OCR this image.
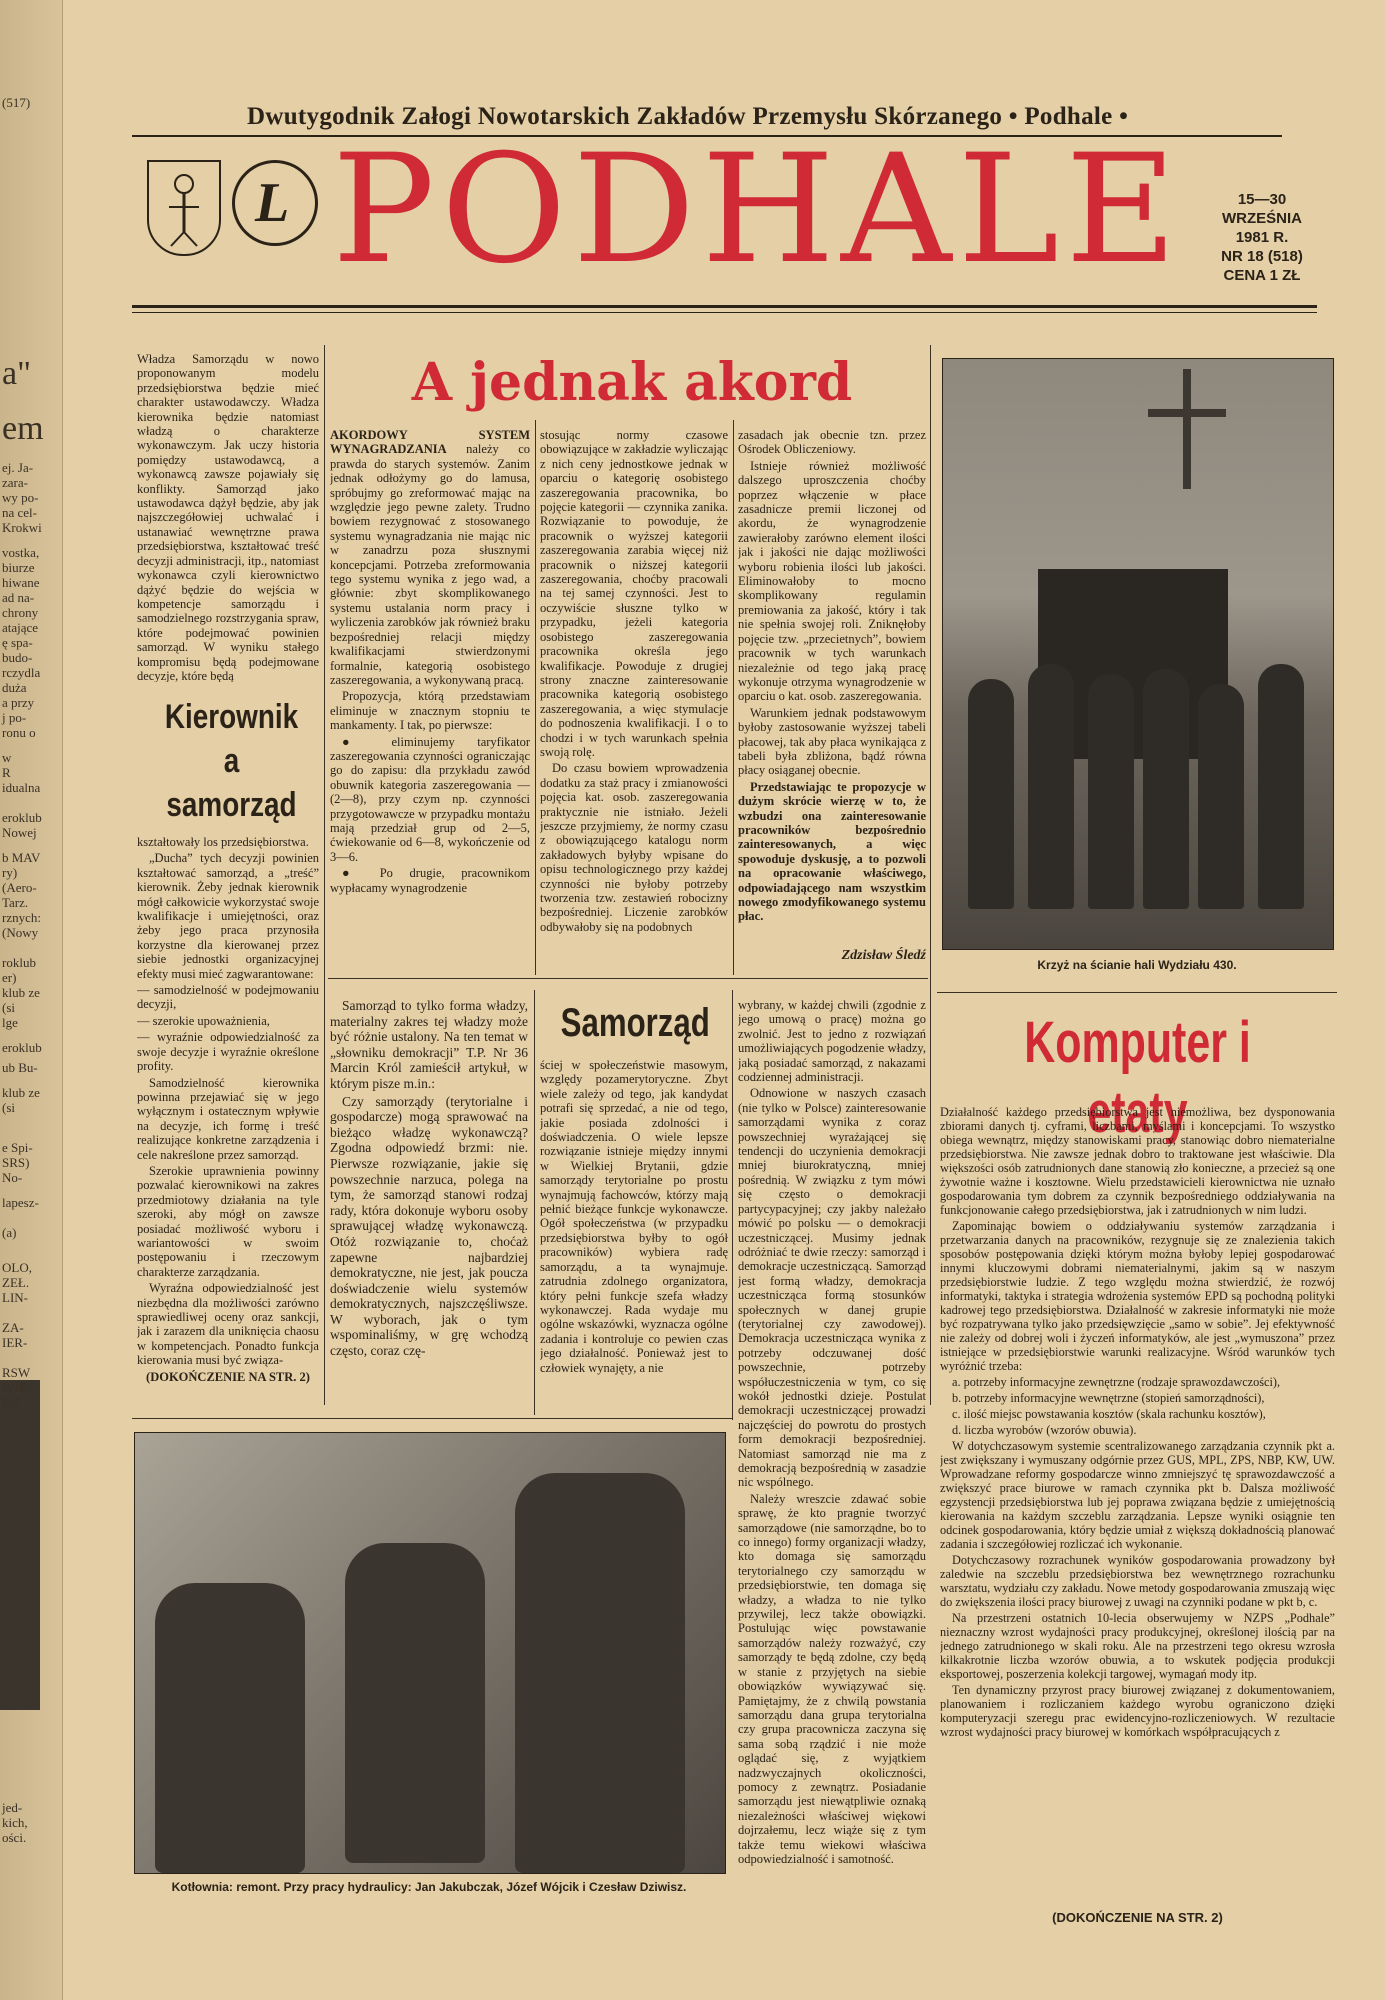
(517)
a"
em
ej. Ja-
zara-
wy po-
na cel-
Krokwi
vostka,
biurze
hiwane
ad na-
chrony
atające
ę spa-
budo-
rczydla
duża
a przy
j po-
ronu o
w
R
idualna
eroklub
Nowej
b MAV
ry)
(Aero-
Tarz.
rznych:
(Nowy
roklub
er)
klub ze
(si
lge
eroklub
ub Bu-
klub ze
(si
e Spi-
SRS)
No-
lapesz-
(a)
OLO,
ZEŁ.
LIN-
ZA-
IER-
RSW
WIE-
F-7
jed-
kich,
ości.
Dwutygodnik Załogi Nowotarskich Zakładów Przemysłu Skórzanego • Podhale •
L PODHALE	15—30 WRZEŚNIA
1981 R.
NR 18 (518)
CENA 1 ZŁ

Władza Samorządu w nowo proponowanym modelu przedsiębiorstwa będzie mieć charakter ustawodawczy. Władza kierownika będzie natomiast władzą o charakterze wykonawczym. Jak uczy historia pomiędzy ustawodawcą, a wykonawcą zawsze pojawiały się konflikty. Samorząd jako ustawodawca dążył będzie, aby jak najszczegółowiej uchwalać i ustanawiać wewnętrzne prawa przedsiębiorstwa, kształtować treść decyzji administracji, itp., natomiast wykonawca czyli kierownictwo dążyć będzie do wejścia w kompetencje samorządu i samodzielnego rozstrzygania spraw, które podejmować powinien samorząd. W wyniku stałego kompromisu będą podejmowane decyzje, które będą

Kierownik
a samorząd

kształtowały los przedsiębiorstwa.

„Ducha” tych decyzji powinien kształtować samorząd, a „treść” kierownik. Żeby jednak kierownik mógł całkowicie wykorzystać swoje kwalifikacje i umiejętności, oraz żeby jego praca przynosiła korzystne dla kierowanej przez siebie jednostki organizacyjnej efekty musi mieć zagwarantowane:

— samodzielność w podejmowaniu decyzji,

— szerokie upoważnienia,

— wyraźnie odpowiedzialność za swoje decyzje i wyraźnie określone profity.

Samodzielność kierownika powinna przejawiać się w jego wyłącznym i ostatecznym wpływie na decyzje, ich formę i treść realizujące konkretne zarządzenia i cele nakreślone przez samorząd.

Szerokie uprawnienia powinny pozwalać kierownikowi na zakres przedmiotowy działania na tyle szeroki, aby mógł on zawsze posiadać możliwość wyboru i wariantowości w swoim postępowaniu i rzeczowym charakterze zarządzania.

Wyraźna odpowiedzialność jest niezbędna dla możliwości zarówno sprawiedliwej oceny oraz sankcji, jak i zarazem dla uniknięcia chaosu w kompetencjach. Ponadto funkcja kierowania musi być związa-

(DOKOŃCZENIE NA STR. 2)

A jednak akord

AKORDOWY SYSTEM WYNAGRADZANIA należy co prawda do starych systemów. Zanim jednak odłożymy go do lamusa, spróbujmy go zreformować mając na względzie jego pewne zalety. Trudno bowiem rezygnować z stosowanego systemu wynagradzania nie mając nic w zanadrzu poza słusznymi koncepcjami. Potrzeba zreformowania tego systemu wynika z jego wad, a głównie: zbyt skomplikowanego systemu ustalania norm pracy i wyliczenia zarobków jak również braku bezpośredniej relacji między kwalifikacjami stwierdzonymi formalnie, kategorią osobistego zaszeregowania, a wykonywaną pracą.

Propozycja, którą przedstawiam eliminuje w znacznym stopniu te mankamenty. I tak, po pierwsze:

● eliminujemy taryfikator zaszeregowania czynności ograniczając go do zapisu: dla przykładu zawód obuwnik kategoria zaszeregowania — (2—8), przy czym np. czynności przygotowawcze w przypadku montażu mają przedział grup od 2—5, ćwiekowanie od 6—8, wykończenie od 3—6.

● Po drugie, pracownikom wypłacamy wynagrodzenie

stosując normy czasowe obowiązujące w zakładzie wyliczając z nich ceny jednostkowe jednak w oparciu o kategorię osobistego zaszeregowania pracownika, bo pojęcie kategorii — czynnika zanika. Rozwiązanie to powoduje, że pracownik o wyższej kategorii zaszeregowania zarabia więcej niż pracownik o niższej kategorii zaszeregowania, choćby pracowali na tej samej czynności. Jest to oczywiście słuszne tylko w przypadku, jeżeli kategoria osobistego zaszeregowania pracownika określa jego kwalifikacje. Powoduje z drugiej strony znaczne zainteresowanie pracownika kategorią osobistego zaszeregowania, a więc stymulacje do podnoszenia kwalifikacji. I o to chodzi i w tych warunkach spełnia swoją rolę.

Do czasu bowiem wprowadzenia dodatku za staż pracy i zmianowości pojęcia kat. osob. zaszeregowania praktycznie nie istniało. Jeżeli jeszcze przyjmiemy, że normy czasu z obowiązującego katalogu norm zakładowych byłyby wpisane do opisu technologicznego przy każdej czynności nie byłoby potrzeby tworzenia tzw. zestawień robocizny bezpośredniej. Liczenie zarobków odbywałoby się na podobnych

zasadach jak obecnie tzn. przez Ośrodek Obliczeniowy.

Istnieje również możliwość dalszego uproszczenia choćby poprzez włączenie w płace zasadnicze premii liczonej od akordu, że wynagrodzenie zawierałoby zarówno element ilości jak i jakości nie dając możliwości wyboru robienia ilości lub jakości. Eliminowałoby to mocno skomplikowany regulamin premiowania za jakość, który i tak nie spełnia swojej roli. Zniknęłoby pojęcie tzw. „przecietnych”, bowiem pracownik w tych warunkach niezależnie od tego jaką pracę wykonuje otrzyma wynagrodzenie w oparciu o kat. osob. zaszeregowania.

Warunkiem jednak podstawowym byłoby zastosowanie wyższej tabeli płacowej, tak aby płaca wynikająca z tabeli była zbliżona, bądź równa płacy osiąganej obecnie.

Przedstawiając te propozycje w dużym skrócie wierzę w to, że wzbudzi ona zainteresowanie pracowników bezpośrednio zainteresowanych, a więc spowoduje dyskusję, a to pozwoli na opracowanie właściwego, odpowiadającego nam wszystkim nowego zmodyfikowanego systemu płac.

Zdzisław Śledź
Krzyż na ścianie hali Wydziału 430.

Samorząd to tylko forma władzy, materialny zakres tej władzy może być różnie ustalony. Na ten temat w „słowniku demokracji” T.P. Nr 36 Marcin Król zamieścił artykuł, w którym pisze m.in.:

Czy samorządy (terytorialne i gospodarcze) mogą sprawować na bieżąco władzę wykonawczą? Zgodna odpowiedź brzmi: nie. Pierwsze rozwiązanie, jakie się powszechnie narzuca, polega na tym, że samorząd stanowi rodzaj rady, która dokonuje wyboru osoby sprawującej władzę wykonawczą. Otóż rozwiązanie to, choćaż zapewne najbardziej demokratyczne, nie jest, jak poucza doświadczenie wielu systemów demokratycznych, najszczęśliwsze. W wyborach, jak o tym wspominaliśmy, w grę wchodzą często, coraz czę-

Samorząd

ściej w społeczeństwie masowym, względy pozamerytoryczne. Zbyt wiele zależy od tego, jak kandydat potrafi się sprzedać, a nie od tego, jakie posiada zdolności i doświadczenia. O wiele lepsze rozwiązanie istnieje między innymi w Wielkiej Brytanii, gdzie samorządy terytorialne po prostu wynajmują fachowców, którzy mają pełnić bieżące funkcje wykonawcze. Ogół społeczeństwa (w przypadku przedsiębiorstwa byłby to ogół pracowników) wybiera radę samorządu, a ta wynajmuje. zatrudnia zdolnego organizatora, który pełni funkcje szefa władzy wykonawczej. Rada wydaje mu ogólne wskazówki, wyznacza ogólne zadania i kontroluje co pewien czas jego działalność. Ponieważ jest to człowiek wynajęty, a nie

wybrany, w każdej chwili (zgodnie z jego umową o pracę) można go zwolnić. Jest to jedno z rozwiązań umożliwiających pogodzenie władzy, jaką posiadać samorząd, z nakazami codziennej administracji.

Odnowione w naszych czasach (nie tylko w Polsce) zainteresowanie samorządami wynika z coraz powszechniej wyrażającej się tendencji do uczynienia demokracji mniej biurokratyczną, mniej pośrednią. W związku z tym mówi się często o demokracji partycypacyjnej; czy jakby należało mówić po polsku — o demokracji uczestniczącej. Musimy jednak odróżniać te dwie rzeczy: samorząd i demokracje uczestniczącą. Samorząd jest formą władzy, demokracja uczestnicząca formą stosunków społecznych w danej grupie (terytorialnej czy zawodowej). Demokracja uczestnicząca wynika z potrzeby odczuwanej dość powszechnie, potrzeby współuczestniczenia w tym, co się wokół jednostki dzieje. Postulat demokracji uczestniczącej prowadzi najczęściej do powrotu do prostych form demokracji bezpośredniej. Natomiast samorząd nie ma z demokracją bezpośrednią w zasadzie nic wspólnego.

Należy wreszcie zdawać sobie sprawę, że kto pragnie tworzyć samorządowe (nie samorządne, bo to co innego) formy organizacji władzy, kto domaga się samorządu terytorialnego czy samorządu w przedsiębiorstwie, ten domaga się władzy, a władza to nie tylko przywilej, lecz także obowiązki. Postulując więc powstawanie samorządów należy rozważyć, czy samorządy te będą zdolne, czy będą w stanie z przyjętych na siebie obowiązków wywiązywać się. Pamiętajmy, że z chwilą powstania samorządu dana grupa terytorialna czy grupa pracownicza zaczyna się sama sobą rządzić i nie może oglądać się, z wyjątkiem nadzwyczajnych okoliczności, pomocy z zewnątrz. Posiadanie samorządu jest niewątpliwie oznaką niezależności właściwej więkowi dojrzałemu, lecz wiąże się z tym także temu wiekowi właściwa odpowiedzialność i samotność.

Komputer i etaty

Działalność każdego przedsiębiorstwa jest niemożliwa, bez dysponowania zbiorami danych tj. cyframi, liczbami, myślami i koncepcjami. To wszystko obiega wewnątrz, między stanowiskami pracy, stanowiąc dobro niematerialne przedsiębiorstwa. Nie zawsze jednak dobro to traktowane jest właściwie. Dla większości osób zatrudnionych dane stanowią zło konieczne, a przecież są one żywotnie ważne i kosztowne. Wielu przedstawicieli kierownictwa nie uznało gospodarowania tym dobrem za czynnik bezpośredniego oddziaływania na funkcjonowanie całego przedsiębiorstwa, jak i zatrudnionych w nim ludzi.

Zapominając bowiem o oddziaływaniu systemów zarządzania i przetwarzania danych na pracowników, rezygnuje się ze znalezienia takich sposobów postępowania dzięki którym można byłoby lepiej gospodarować innymi kluczowymi dobrami niematerialnymi, jakim są w naszym przedsiębiorstwie ludzie. Z tego względu można stwierdzić, że rozwój informatyki, taktyka i strategia wdrożenia systemów EPD są pochodną polityki kadrowej tego przedsiębiorstwa. Działalność w zakresie informatyki nie może być rozpatrywana tylko jako przedsięwzięcie „samo w sobie”. Jej efektywność nie zależy od dobrej woli i życzeń informatyków, ale jest „wymuszona” przez istniejące w przedsiębiorstwie warunki realizacyjne. Wśród warunków tych wyróżnić trzeba:

a. potrzeby informacyjne zewnętrzne (rodzaje sprawozdawczości),

b. potrzeby informacyjne wewnętrzne (stopień samorządności),

c. ilość miejsc powstawania kosztów (skala rachunku kosztów),

d. liczba wyrobów (wzorów obuwia).

W dotychczasowym systemie scentralizowanego zarządzania czynnik pkt a. jest zwiększany i wymuszany odgórnie przez GUS, MPL, ZPS, NBP, KW, UW. Wprowadzane reformy gospodarcze winno zmniejszyć tę sprawozdawczość a zwiększyć prace biurowe w ramach czynnika pkt b. Dalsza możliwość egzystencji przedsiębiorstwa lub jej poprawa związana będzie z umiejętnością kierowania na każdym szczeblu zarządzania. Lepsze wyniki osiągnie ten odcinek gospodarowania, który będzie umiał z większą dokładnością planować zadania i szczegółowiej rozliczać ich wykonanie.

Dotychczasowy rozrachunek wyników gospodarowania prowadzony był zaledwie na szczeblu przedsiębiorstwa bez wewnętrznego rozrachunku warsztatu, wydziału czy zakładu. Nowe metody gospodarowania zmuszają więc do zwiększenia ilości pracy biurowej z uwagi na czynniki podane w pkt b, c.

Na przestrzeni ostatnich 10-lecia obserwujemy w NZPS „Podhale” nieznaczny wzrost wydajności pracy produkcyjnej, określonej ilością par na jednego zatrudnionego w skali roku. Ale na przestrzeni tego okresu wzrosła kilkakrotnie liczba wzorów obuwia, a to wskutek podjęcia produkcji eksportowej, poszerzenia kolekcji targowej, wymagań mody itp.

Ten dynamiczny przyrost pracy biurowej związanej z dokumentowaniem, planowaniem i rozliczaniem każdego wyrobu ograniczono dzięki komputeryzacji szeregu prac ewidencyjno-rozliczeniowych. W rezultacie wzrost wydajności pracy biurowej w komórkach współpracujących z

(DOKOŃCZENIE NA STR. 2)
Kotłownia: remont. Przy pracy hydraulicy: Jan Jakubczak, Józef Wójcik i Czesław Dziwisz.
